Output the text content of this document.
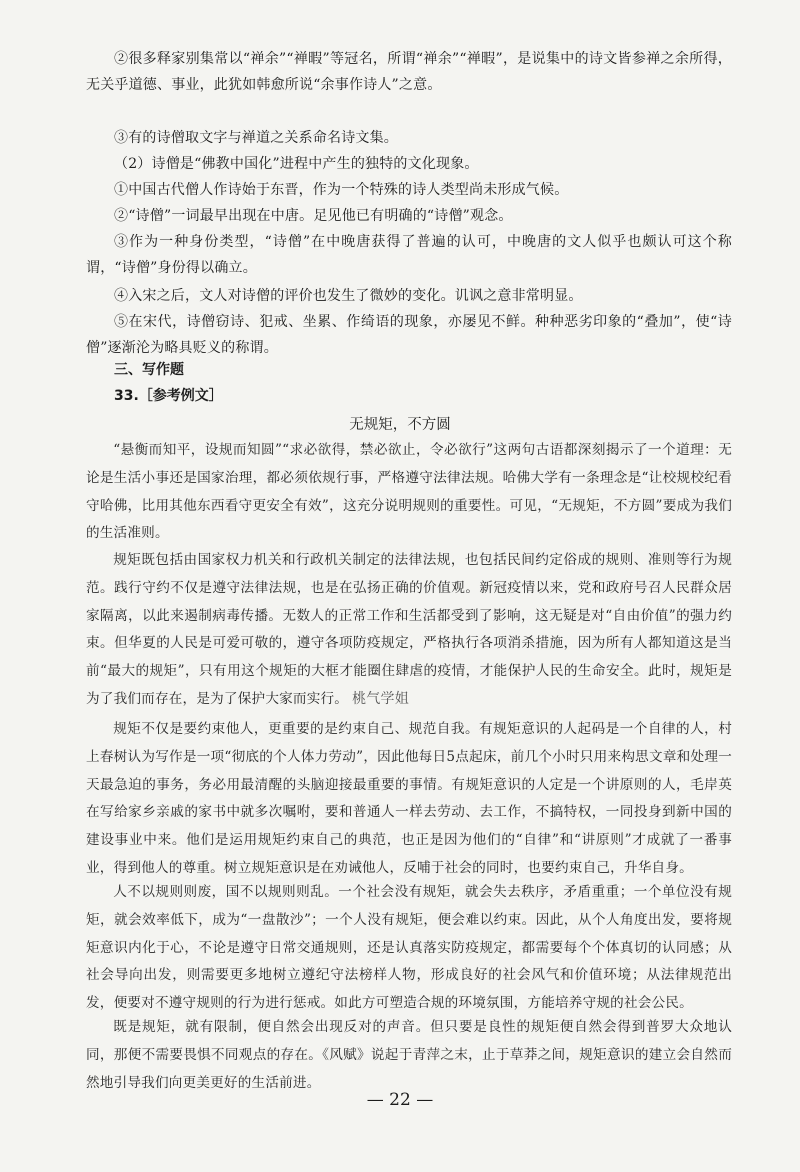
②很多释家别集常以“禅余”“禅暇”等冠名，所谓“禅余”“禅暇”，是说集中的诗文皆参禅之余所得，无关乎道德、事业，此犹如韩愈所说“余事作诗人”之意。

③有的诗僧取文字与禅道之关系命名诗文集。

（2）诗僧是“佛教中国化”进程中产生的独特的文化现象。

①中国古代僧人作诗始于东晋，作为一个特殊的诗人类型尚未形成气候。

②“诗僧”一词最早出现在中唐。足见他已有明确的“诗僧”观念。

③作为一种身份类型，“诗僧”在中晚唐获得了普遍的认可，中晚唐的文人似乎也颇认可这个称谓，“诗僧”身份得以确立。

④入宋之后，文人对诗僧的评价也发生了微妙的变化。讥讽之意非常明显。

⑤在宋代，诗僧窃诗、犯戒、坐累、作绮语的现象，亦屡见不鲜。种种恶劣印象的“叠加”，使“诗僧”逐渐沦为略具贬义的称谓。

三、写作题

33.［参考例文］

无规矩，不方圆

“悬衡而知平，设规而知圆”“求必欲得，禁必欲止，令必欲行”这两句古语都深刻揭示了一个道理：无论是生活小事还是国家治理，都必须依规行事，严格遵守法律法规。哈佛大学有一条理念是“让校规校纪看守哈佛，比用其他东西看守更安全有效”，这充分说明规则的重要性。可见，“无规矩，不方圆”要成为我们的生活准则。

规矩既包括由国家权力机关和行政机关制定的法律法规，也包括民间约定俗成的规则、准则等行为规范。践行守约不仅是遵守法律法规，也是在弘扬正确的价值观。新冠疫情以来，党和政府号召人民群众居家隔离，以此来遏制病毒传播。无数人的正常工作和生活都受到了影响，这无疑是对“自由价值”的强力约束。但华夏的人民是可爱可敬的，遵守各项防疫规定，严格执行各项消杀措施，因为所有人都知道这是当前“最大的规矩”，只有用这个规矩的大框才能圈住肆虐的疫情，才能保护人民的生命安全。此时，规矩是为了我们而存在，是为了保护大家而实行。 桃气学姐

规矩不仅是要约束他人，更重要的是约束自己、规范自我。有规矩意识的人起码是一个自律的人，村上春树认为写作是一项“彻底的个人体力劳动”，因此他每日5点起床，前几个小时只用来构思文章和处理一天最急迫的事务，务必用最清醒的头脑迎接最重要的事情。有规矩意识的人定是一个讲原则的人，毛岸英在写给家乡亲戚的家书中就多次嘱咐，要和普通人一样去劳动、去工作，不搞特权，一同投身到新中国的建设事业中来。他们是运用规矩约束自己的典范，也正是因为他们的“自律”和“讲原则”才成就了一番事业，得到他人的尊重。树立规矩意识是在劝诫他人，反哺于社会的同时，也要约束自己，升华自身。

人不以规则则废，国不以规则则乱。一个社会没有规矩，就会失去秩序，矛盾重重；一个单位没有规矩，就会效率低下，成为“一盘散沙”；一个人没有规矩，便会难以约束。因此，从个人角度出发，要将规矩意识内化于心，不论是遵守日常交通规则，还是认真落实防疫规定，都需要每个个体真切的认同感；从社会导向出发，则需要更多地树立遵纪守法榜样人物，形成良好的社会风气和价值环境；从法律规范出发，便要对不遵守规则的行为进行惩戒。如此方可塑造合规的环境氛围，方能培养守规的社会公民。

既是规矩，就有限制，便自然会出现反对的声音。但只要是良性的规矩便自然会得到普罗大众地认同，那便不需要畏惧不同观点的存在。《风赋》说起于青萍之末，止于草莽之间，规矩意识的建立会自然而然地引导我们向更美更好的生活前进。

— 22 —
